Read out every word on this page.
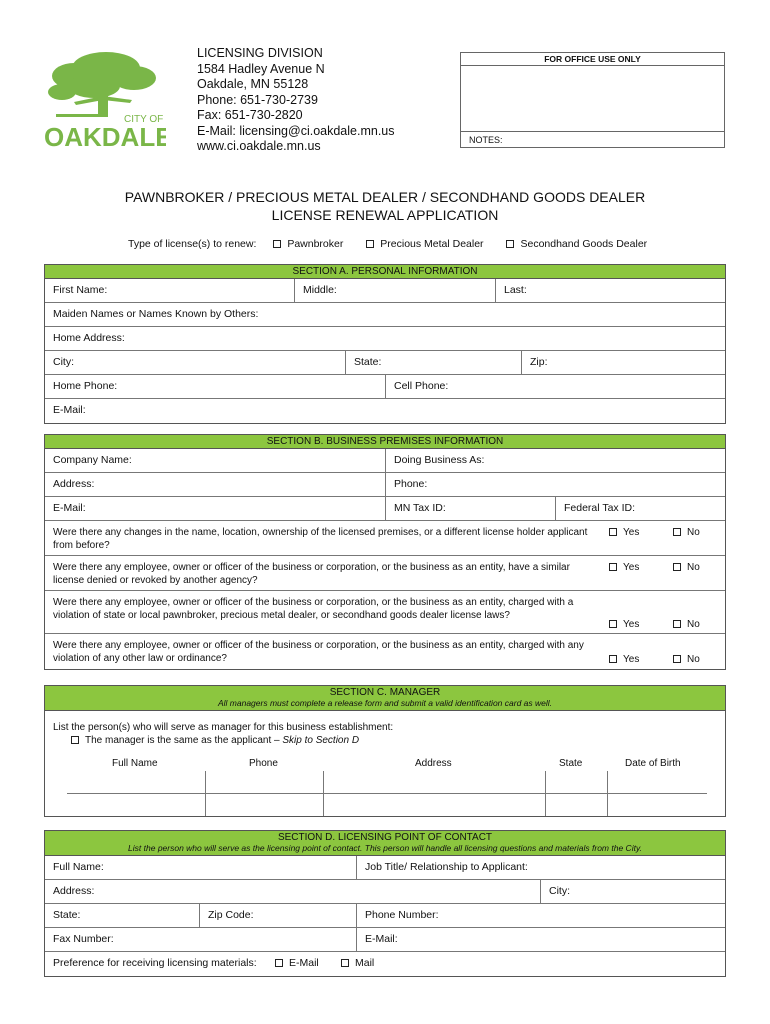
CITY OF
OAKDALE
LICENSING DIVISION
1584 Hadley Avenue N
Oakdale, MN 55128
Phone: 651-730-2739
Fax: 651-730-2820
E-Mail: licensing@ci.oakdale.mn.us
www.ci.oakdale.mn.us
FOR OFFICE USE ONLY
NOTES:
PAWNBROKER / PRECIOUS METAL DEALER / SECONDHAND GOODS DEALER
LICENSE RENEWAL APPLICATION
Type of license(s) to renew:	Pawnbroker	Precious Metal Dealer	Secondhand Goods Dealer
SECTION A. PERSONAL INFORMATION
First Name:	Middle:	Last:
Maiden Names or Names Known by Others:
Home Address:
City:	State:	Zip:
Home Phone:	Cell Phone:
E-Mail:
SECTION B. BUSINESS PREMISES INFORMATION
Company Name:	Doing Business As:
Address:	Phone:
E-Mail:	MN Tax ID:	Federal Tax ID:
Were there any changes in the name, location, ownership of the licensed premises, or a different license holder applicant from before?
Yes	No
Were there any employee, owner or officer of the business or corporation, or the business as an entity, have a similar license denied or revoked by another agency?
Yes	No
Were there any employee, owner or officer of the business or corporation, or the business as an entity, charged with a violation of state or local pawnbroker, precious metal dealer, or secondhand goods dealer license laws?
Yes	No
Were there any employee, owner or officer of the business or corporation, or the business as an entity, charged with any violation of any other law or ordinance?	Yes	No
SECTION C. MANAGER
All managers must complete a release form and submit a valid identification card as well.
List the person(s) who will serve as manager for this business establishment:
The manager is the same as the applicant – Skip to Section D
Full Name	Phone	Address	State	Date of Birth
SECTION D. LICENSING POINT OF CONTACT
List the person who will serve as the licensing point of contact. This person will handle all licensing questions and materials from the City.
Full Name:	Job Title/ Relationship to Applicant:
Address:	City:
State:	Zip Code:	Phone Number:
Fax Number:	E-Mail:
Preference for receiving licensing materials:	E-Mail	Mail
